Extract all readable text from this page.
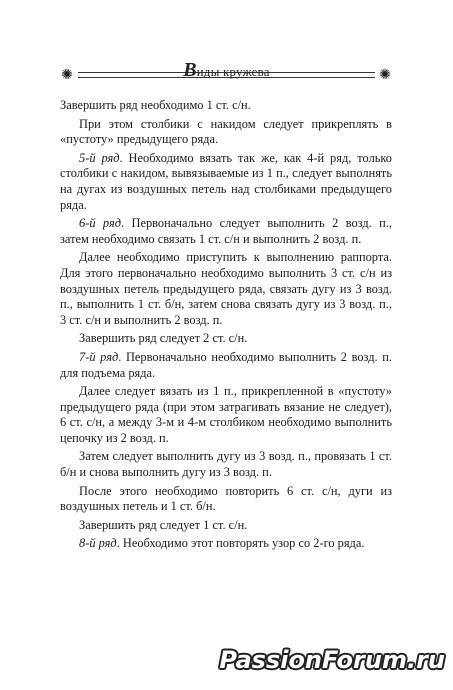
✺	✺
Виды кружева

Завершить ряд необходимо 1 ст. с/н.

При этом столбики с накидом следует прикреплять в «пустоту» предыдущего ряда.

5-й ряд. Необходимо вязать так же, как 4-й ряд, только столбики с накидом, вывязываемые из 1 п., следует выполнять на дугах из воздушных петель над столбиками предыдущего ряда.

6-й ряд. Первоначально следует выполнить 2 возд. п., затем необходимо связать 1 ст. с/н и выполнить 2 возд. п.

Далее необходимо приступить к выполнению раппорта. Для этого первоначально необходимо выполнить 3 ст. с/н из воздушных петель предыдущего ряда, связать дугу из 3 возд. п., выполнить 1 ст. б/н, затем снова связать дугу из 3 возд. п., 3 ст. с/н и выполнить 2 возд. п.

Завершить ряд следует 2 ст. с/н.

7-й ряд. Первоначально необходимо выполнить 2 возд. п. для подъема ряда.

Далее следует вязать из 1 п., прикрепленной в «пустоту» предыдущего ряда (при этом затрагивать вязание не следует), 6 ст. с/н, а между 3-м и 4-м столбиком необходимо выполнить цепочку из 2 возд. п.

Затем следует выполнить дугу из 3 возд. п., провязать 1 ст. б/н и снова выполнить дугу из 3 возд. п.

После этого необходимо повторить 6 ст. с/н, дуги из воздушных петель и 1 ст. б/н.

Завершить ряд следует 1 ст. с/н.

8-й ряд. Необходимо этот повторять узор со 2-го ряда.

PassionForum.ru
